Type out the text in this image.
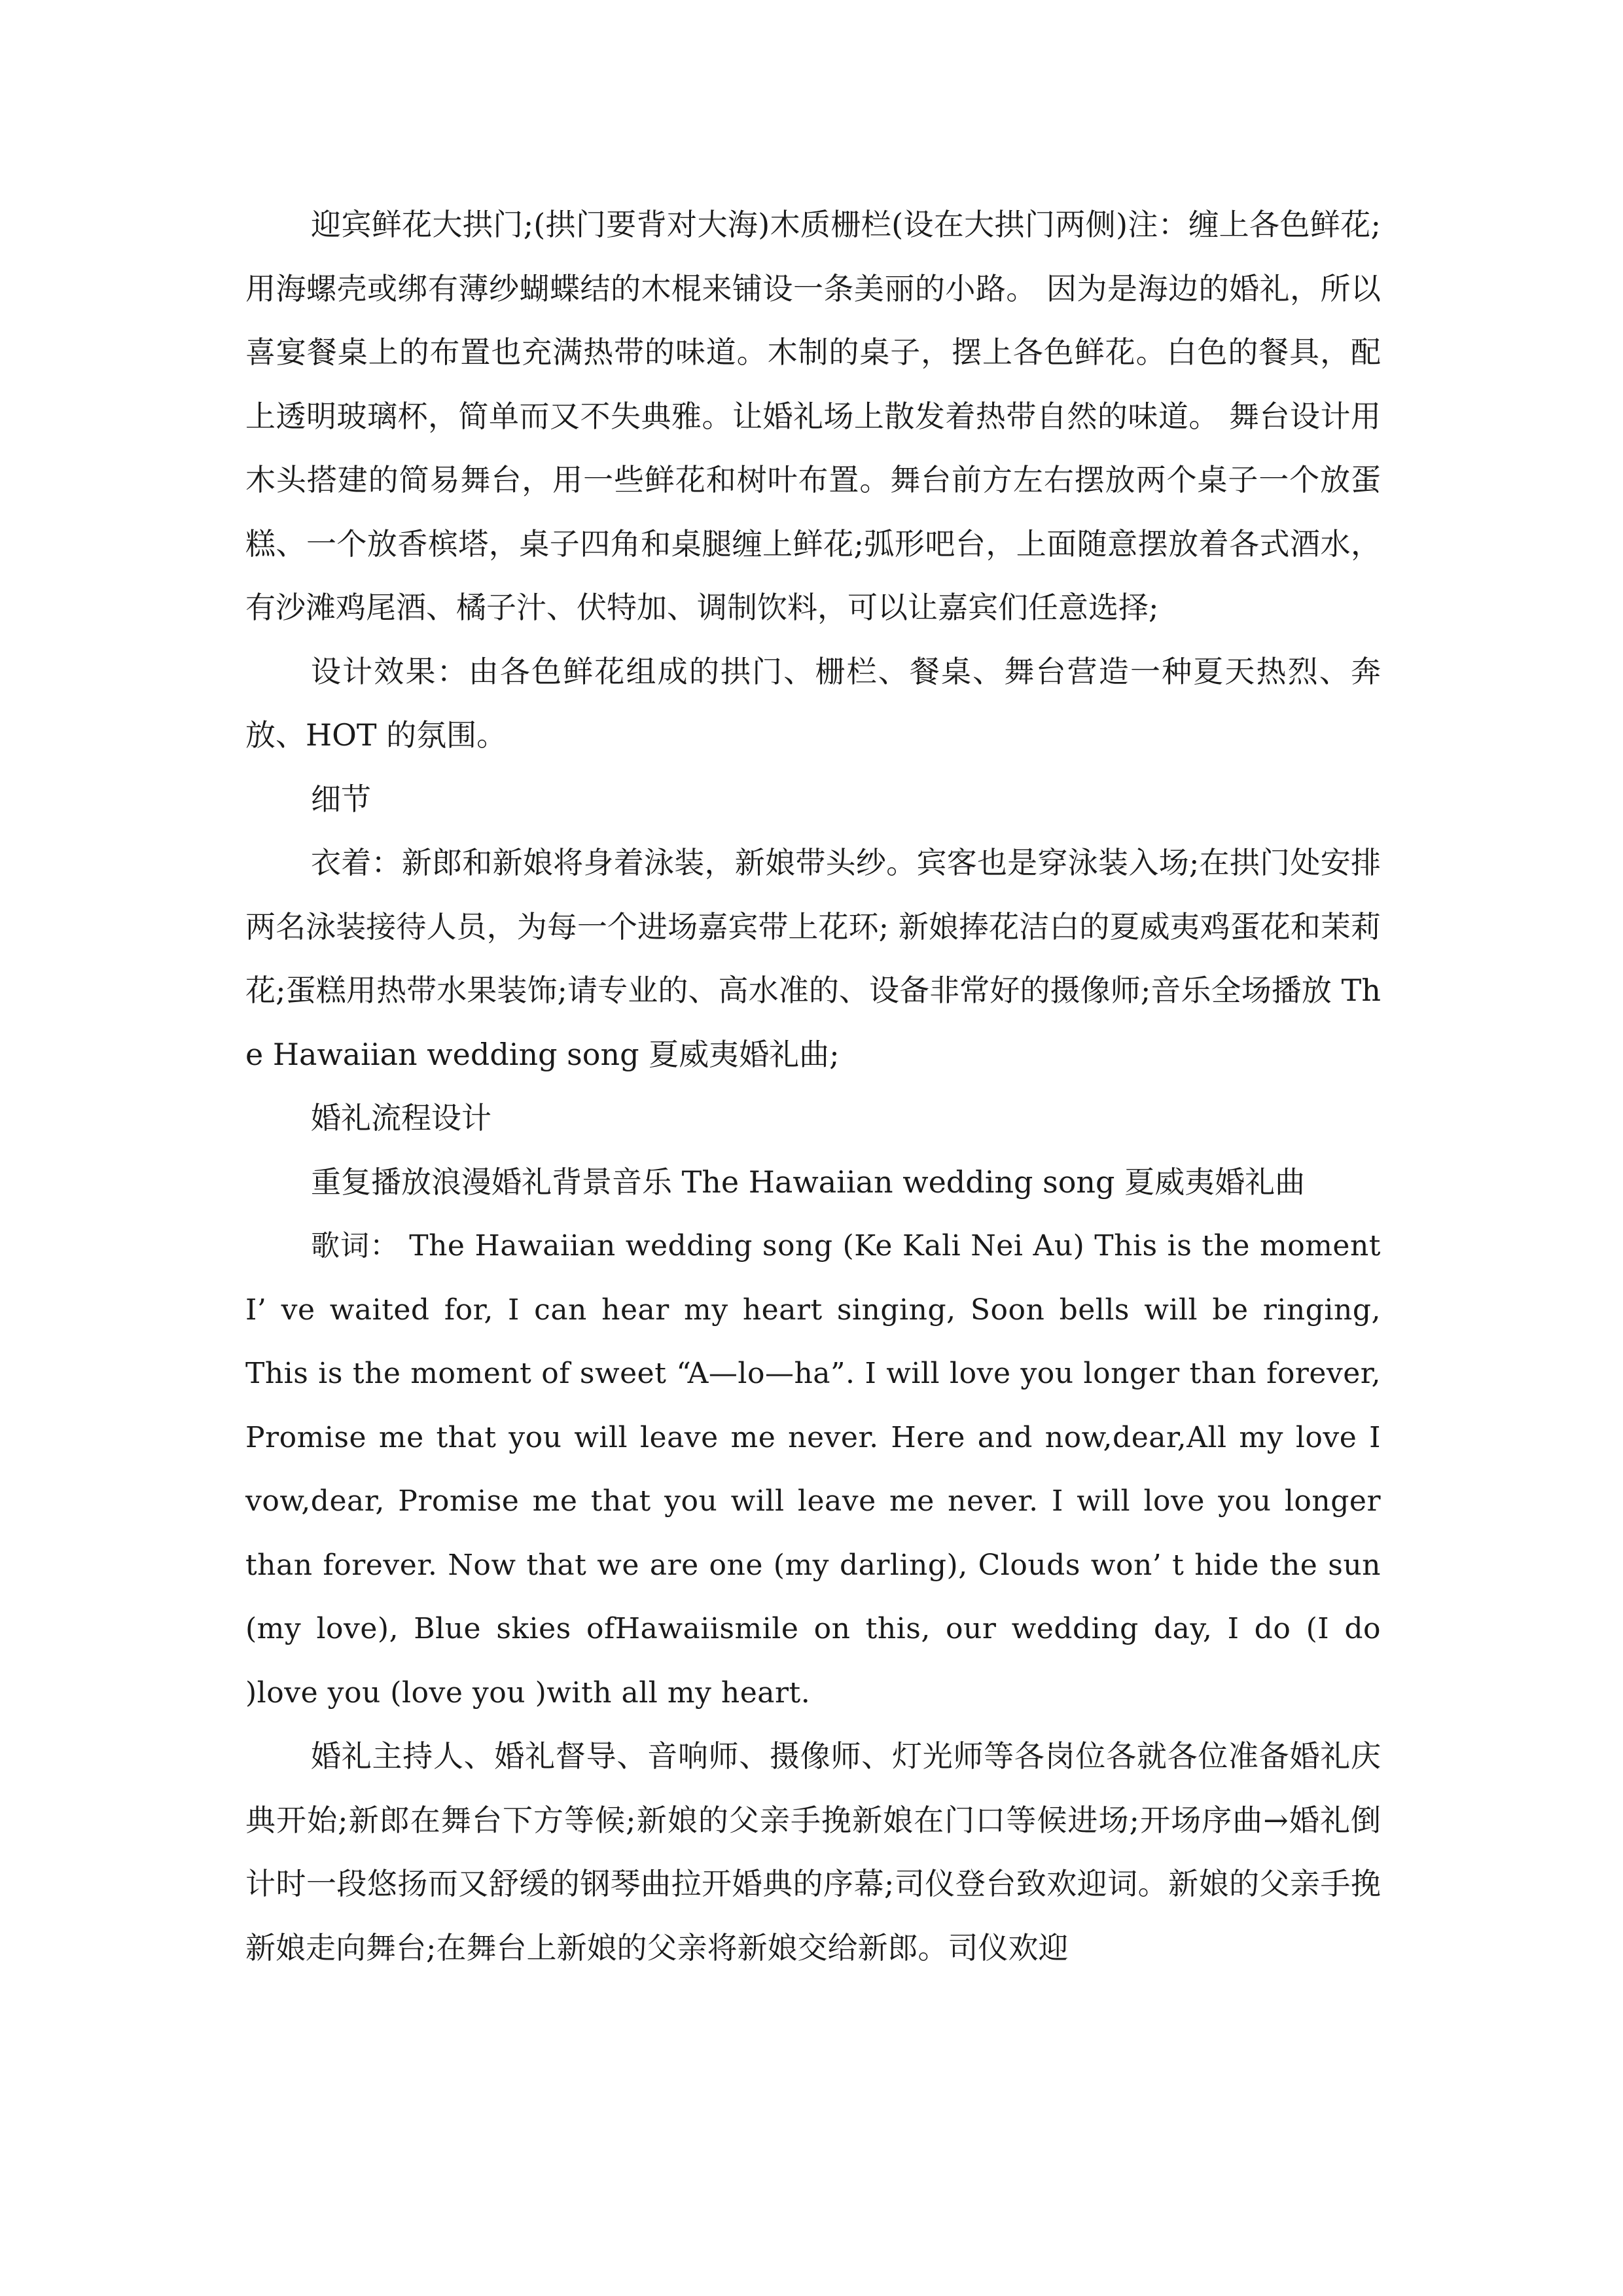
迎宾鲜花大拱门;(拱门要背对大海)木质栅栏(设在大拱门两侧)注：缠上各色鲜花;用海螺壳或绑有薄纱蝴蝶结的木棍来铺设一条美丽的小路。 因为是海边的婚礼，所以喜宴餐桌上的布置也充满热带的味道。木制的桌子，摆上各色鲜花。白色的餐具，配上透明玻璃杯，简单而又不失典雅。让婚礼场上散发着热带自然的味道。 舞台设计用木头搭建的简易舞台，用一些鲜花和树叶布置。舞台前方左右摆放两个桌子一个放蛋糕、一个放香槟塔，桌子四角和桌腿缠上鲜花;弧形吧台，上面随意摆放着各式酒水，有沙滩鸡尾酒、橘子汁、伏特加、调制饮料，可以让嘉宾们任意选择;

设计效果：由各色鲜花组成的拱门、栅栏、餐桌、舞台营造一种夏天热烈、奔放、HOT 的氛围。

细节

衣着：新郎和新娘将身着泳装，新娘带头纱。宾客也是穿泳装入场;在拱门处安排两名泳装接待人员，为每一个进场嘉宾带上花环; 新娘捧花洁白的夏威夷鸡蛋花和茉莉花;蛋糕用热带水果装饰;请专业的、高水准的、设备非常好的摄像师;音乐全场播放 The Hawaiian wedding song 夏威夷婚礼曲;

婚礼流程设计

重复播放浪漫婚礼背景音乐 The Hawaiian wedding song 夏威夷婚礼曲

歌词： The Hawaiian wedding song (Ke Kali Nei Au) This is the moment I’ ve waited for, I can hear my heart singing, Soon bells will be ringing, This is the moment of sweet “A—lo—ha”. I will love you longer than forever, Promise me that you will leave me never. Here and now,dear,All my love I vow,dear, Promise me that you will leave me never. I will love you longer than forever. Now that we are one (my darling), Clouds won’ t hide the sun (my love), Blue skies ofHawaiismile on this, our wedding day, I do (I do )love you (love you )with all my heart.

婚礼主持人、婚礼督导、音响师、摄像师、灯光师等各岗位各就各位准备婚礼庆典开始;新郎在舞台下方等候;新娘的父亲手挽新娘在门口等候进场;开场序曲→婚礼倒计时一段悠扬而又舒缓的钢琴曲拉开婚典的序幕;司仪登台致欢迎词。新娘的父亲手挽新娘走向舞台;在舞台上新娘的父亲将新娘交给新郎。司仪欢迎
